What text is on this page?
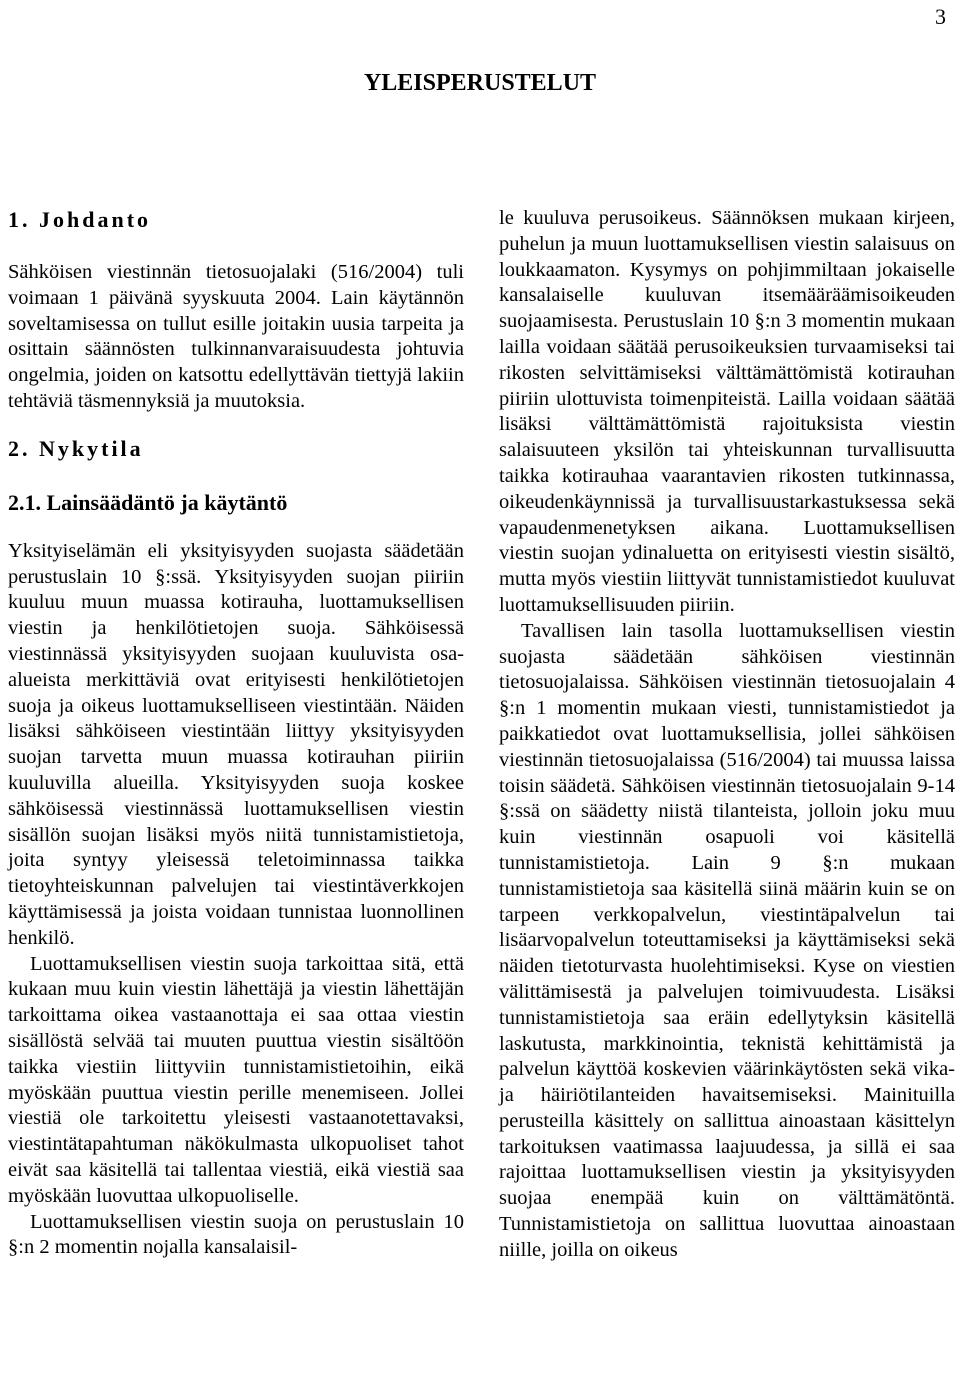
3
YLEISPERUSTELUT
1. Johdanto

Sähköisen viestinnän tietosuojalaki (516/2004) tuli voimaan 1 päivänä syyskuuta 2004. Lain käytännön soveltamisessa on tullut esille joitakin uusia tarpeita ja osittain säännösten tulkinnanvaraisuudesta johtuvia ongelmia, joiden on katsottu edellyttävän tiettyjä lakiin tehtäviä täsmennyksiä ja muutoksia.

2. Nykytila
2.1. Lainsäädäntö ja käytäntö

Yksityiselämän eli yksityisyyden suojasta säädetään perustuslain 10 §:ssä. Yksityisyyden suojan piiriin kuuluu muun muassa kotirauha, luottamuksellisen viestin ja henkilötietojen suoja. Sähköisessä viestinnässä yksityisyyden suojaan kuuluvista osa-alueista merkittäviä ovat erityisesti henkilötietojen suoja ja oikeus luottamukselliseen viestintään. Näiden lisäksi sähköiseen viestintään liittyy yksityisyyden suojan tarvetta muun muassa kotirauhan piiriin kuuluvilla alueilla. Yksityisyyden suoja koskee sähköisessä viestinnässä luottamuksellisen viestin sisällön suojan lisäksi myös niitä tunnistamistietoja, joita syntyy yleisessä teletoiminnassa taikka tietoyhteiskunnan palvelujen tai viestintäverkkojen käyttämisessä ja joista voidaan tunnistaa luonnollinen henkilö.

Luottamuksellisen viestin suoja tarkoittaa sitä, että kukaan muu kuin viestin lähettäjä ja viestin lähettäjän tarkoittama oikea vastaanottaja ei saa ottaa viestin sisällöstä selvää tai muuten puuttua viestin sisältöön taikka viestiin liittyviin tunnistamistietoihin, eikä myöskään puuttua viestin perille menemiseen. Jollei viestiä ole tarkoitettu yleisesti vastaanotettavaksi, viestintätapahtuman näkökulmasta ulkopuoliset tahot eivät saa käsitellä tai tallentaa viestiä, eikä viestiä saa myöskään luovuttaa ulkopuoliselle.

Luottamuksellisen viestin suoja on perustuslain 10 §:n 2 momentin nojalla kansalaisil-

le kuuluva perusoikeus. Säännöksen mukaan kirjeen, puhelun ja muun luottamuksellisen viestin salaisuus on loukkaamaton. Kysymys on pohjimmiltaan jokaiselle kansalaiselle kuuluvan itsemääräämisoikeuden suojaamisesta. Perustuslain 10 §:n 3 momentin mukaan lailla voidaan säätää perusoikeuksien turvaamiseksi tai rikosten selvittämiseksi välttämättömistä kotirauhan piiriin ulottuvista toimenpiteistä. Lailla voidaan säätää lisäksi välttämättömistä rajoituksista viestin salaisuuteen yksilön tai yhteiskunnan turvallisuutta taikka kotirauhaa vaarantavien rikosten tutkinnassa, oikeudenkäynnissä ja turvallisuustarkastuksessa sekä vapaudenmenetyksen aikana. Luottamuksellisen viestin suojan ydinaluetta on erityisesti viestin sisältö, mutta myös viestiin liittyvät tunnistamistiedot kuuluvat luottamuksellisuuden piiriin.

Tavallisen lain tasolla luottamuksellisen viestin suojasta säädetään sähköisen viestinnän tietosuojalaissa. Sähköisen viestinnän tietosuojalain 4 §:n 1 momentin mukaan viesti, tunnistamistiedot ja paikkatiedot ovat luottamuksellisia, jollei sähköisen viestinnän tietosuojalaissa (516/2004) tai muussa laissa toisin säädetä. Sähköisen viestinnän tietosuojalain 9-14 §:ssä on säädetty niistä tilanteista, jolloin joku muu kuin viestinnän osapuoli voi käsitellä tunnistamistietoja. Lain 9 §:n mukaan tunnistamistietoja saa käsitellä siinä määrin kuin se on tarpeen verkkopalvelun, viestintäpalvelun tai lisäarvopalvelun toteuttamiseksi ja käyttämiseksi sekä näiden tietoturvasta huolehtimiseksi. Kyse on viestien välittämisestä ja palvelujen toimivuudesta. Lisäksi tunnistamistietoja saa eräin edellytyksin käsitellä laskutusta, markkinointia, teknistä kehittämistä ja palvelun käyttöä koskevien väärinkäytösten sekä vika- ja häiriötilanteiden havaitsemiseksi. Mainituilla perusteilla käsittely on sallittua ainoastaan käsittelyn tarkoituksen vaatimassa laajuudessa, ja sillä ei saa rajoittaa luottamuksellisen viestin ja yksityisyyden suojaa enempää kuin on välttämätöntä. Tunnistamistietoja on sallittua luovuttaa ainoastaan niille, joilla on oikeus
